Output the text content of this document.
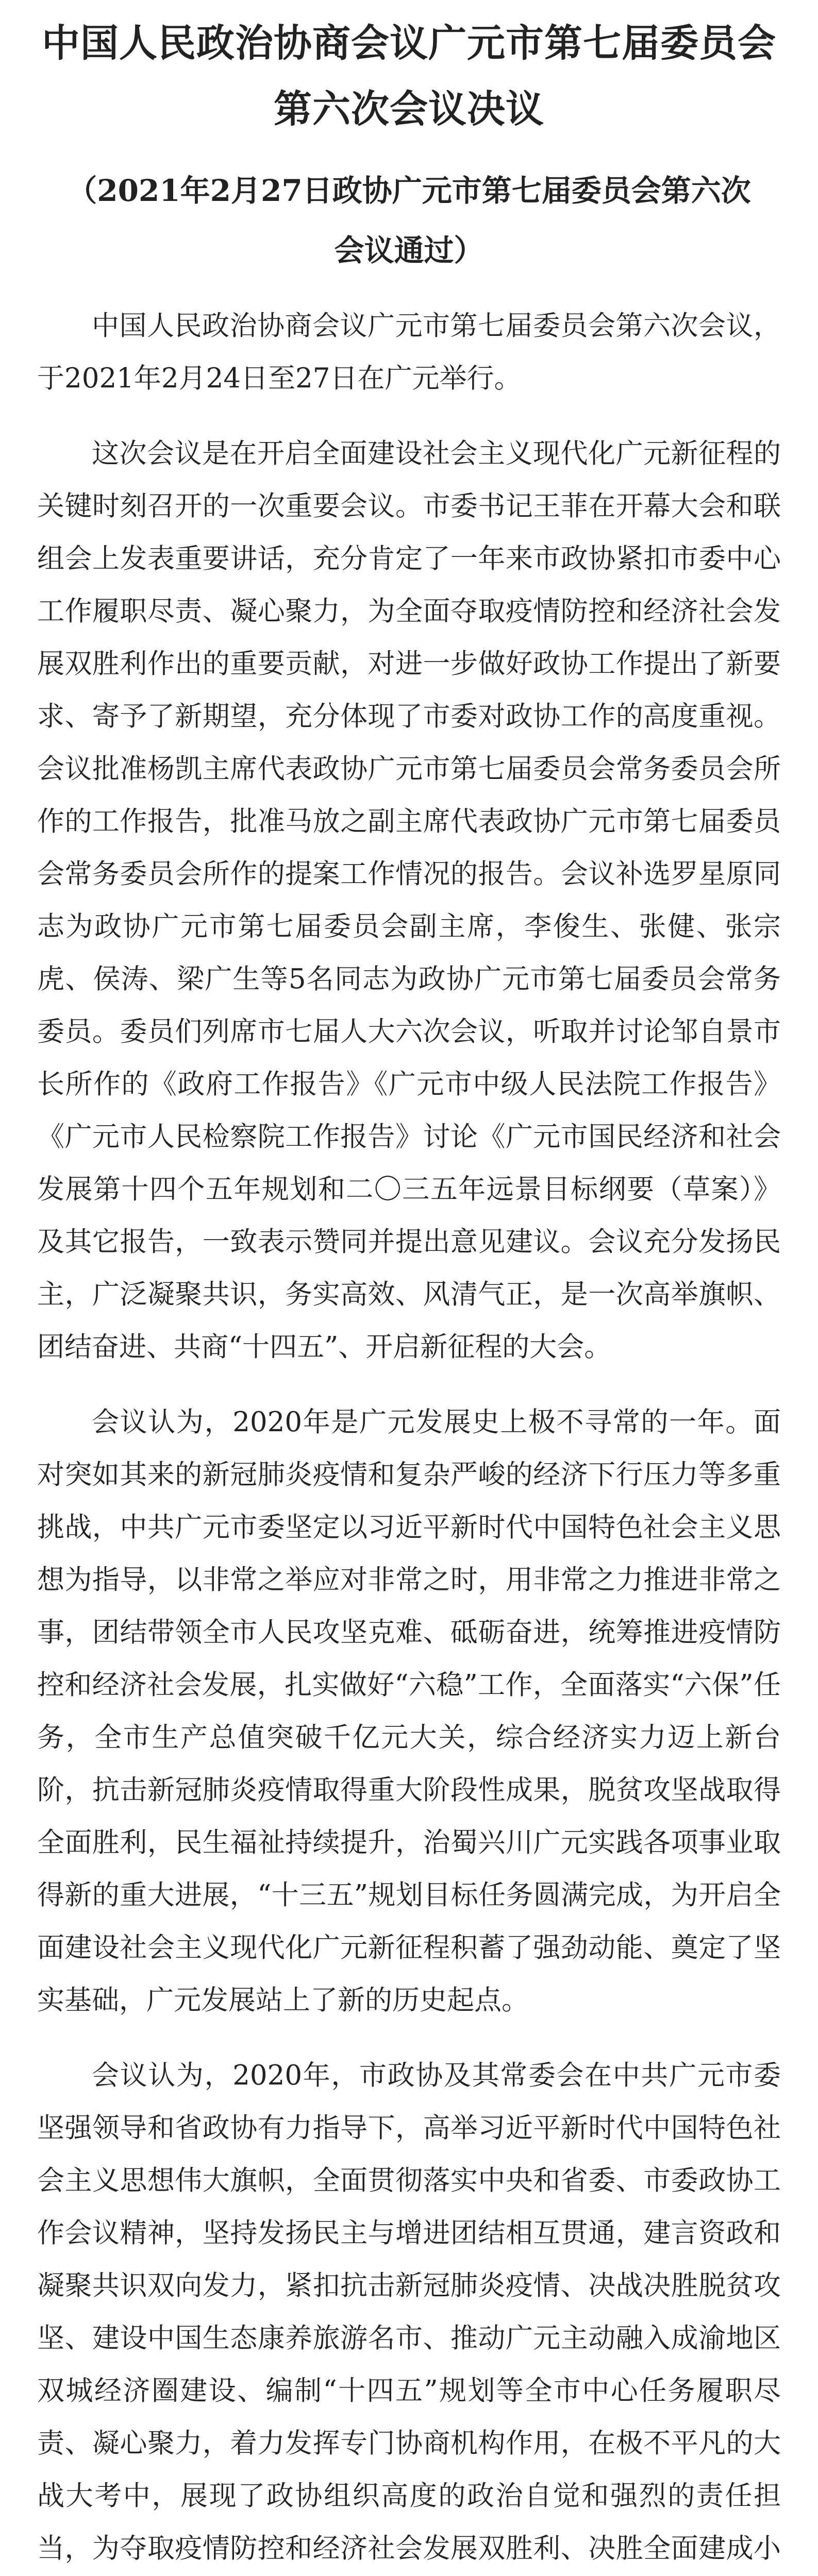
中国人民政治协商会议广元市第七届委员会
第六次会议决议
（2021年2月27日政协广元市第七届委员会第六次会议通过）

中国人民政治协商会议广元市第七届委员会第六次会议，于2021年2月24日至27日在广元举行。

这次会议是在开启全面建设社会主义现代化广元新征程的关键时刻召开的一次重要会议。市委书记王菲在开幕大会和联组会上发表重要讲话，充分肯定了一年来市政协紧扣市委中心工作履职尽责、凝心聚力，为全面夺取疫情防控和经济社会发展双胜利作出的重要贡献，对进一步做好政协工作提出了新要求、寄予了新期望，充分体现了市委对政协工作的高度重视。会议批准杨凯主席代表政协广元市第七届委员会常务委员会所作的工作报告，批准马放之副主席代表政协广元市第七届委员会常务委员会所作的提案工作情况的报告。会议补选罗星原同志为政协广元市第七届委员会副主席，李俊生、张健、张宗虎、侯涛、梁广生等5名同志为政协广元市第七届委员会常务委员。委员们列席市七届人大六次会议，听取并讨论邹自景市长所作的《政府工作报告》《广元市中级人民法院工作报告》《广元市人民检察院工作报告》讨论《广元市国民经济和社会发展第十四个五年规划和二〇三五年远景目标纲要（草案）》及其它报告，一致表示赞同并提出意见建议。会议充分发扬民主，广泛凝聚共识，务实高效、风清气正，是一次高举旗帜、团结奋进、共商“十四五”、开启新征程的大会。

会议认为，2020年是广元发展史上极不寻常的一年。面对突如其来的新冠肺炎疫情和复杂严峻的经济下行压力等多重挑战，中共广元市委坚定以习近平新时代中国特色社会主义思想为指导，以非常之举应对非常之时，用非常之力推进非常之事，团结带领全市人民攻坚克难、砥砺奋进，统筹推进疫情防控和经济社会发展，扎实做好“六稳”工作，全面落实“六保”任务，全市生产总值突破千亿元大关，综合经济实力迈上新台阶，抗击新冠肺炎疫情取得重大阶段性成果，脱贫攻坚战取得全面胜利，民生福祉持续提升，治蜀兴川广元实践各项事业取得新的重大进展，“十三五”规划目标任务圆满完成，为开启全面建设社会主义现代化广元新征程积蓄了强劲动能、奠定了坚实基础，广元发展站上了新的历史起点。

会议认为，2020年，市政协及其常委会在中共广元市委坚强领导和省政协有力指导下，高举习近平新时代中国特色社会主义思想伟大旗帜，全面贯彻落实中央和省委、市委政协工作会议精神，坚持发扬民主与增进团结相互贯通，建言资政和凝聚共识双向发力，紧扣抗击新冠肺炎疫情、决战决胜脱贫攻坚、建设中国生态康养旅游名市、推动广元主动融入成渝地区双城经济圈建设、编制“十四五”规划等全市中心任务履职尽责、凝心聚力，着力发挥专门协商机构作用，在极不平凡的大战大考中，展现了政协组织高度的政治自觉和强烈的责任担当，为夺取疫情防控和经济社会发展双胜利、决胜全面建成小
